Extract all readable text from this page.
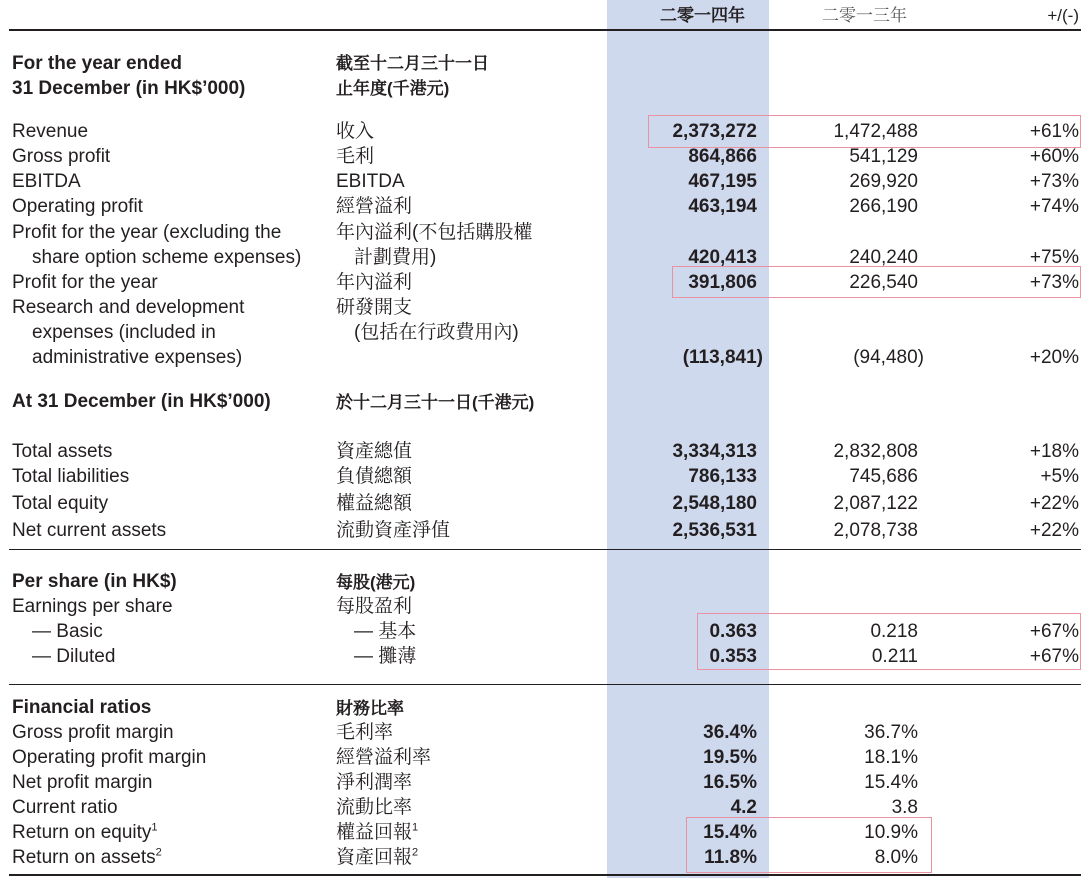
二零一四年	二零一三年	+/(-)
For the year ended
31 December (in HK$’000)
截至十二月三十一日
止年度(千港元)
Revenue	收入	2,373,272	1,472,488	+61%
Gross profit	毛利	864,866	541,129	+60%
EBITDA	EBITDA	467,195	269,920	+73%
Operating profit	經營溢利	463,194	266,190	+74%
Profit for the year (excluding the
share option scheme expenses)
年內溢利(不包括購股權
計劃費用)	420,413	240,240	+75%
Profit for the year	年內溢利	391,806	226,540	+73%
Research and development
expenses (included in
administrative expenses)
研發開支
(包括在行政費用內)
(113,841)	(94,480)	+20%
At 31 December (in HK$’000)	於十二月三十一日(千港元)
Total assets	資產總值	3,334,313	2,832,808	+18%
Total liabilities	負債總額	786,133	745,686	+5%
Total equity	權益總額	2,548,180	2,087,122	+22%
Net current assets	流動資產淨值	2,536,531	2,078,738	+22%
Per share (in HK$)	每股(港元)
Earnings per share	每股盈利
— Basic	— 基本	0.363	0.218	+67%
— Diluted	— 攤薄	0.353	0.211	+67%
Financial ratios	財務比率
Gross profit margin	毛利率	36.4%	36.7%
Operating profit margin	經營溢利率	19.5%	18.1%
Net profit margin	淨利潤率	16.5%	15.4%
Current ratio	流動比率	4.2	3.8
Return on equity$^1$	權益回報$^1$	15.4%	10.9%
Return on assets$^2$	資產回報$^2$	11.8%	8.0%
